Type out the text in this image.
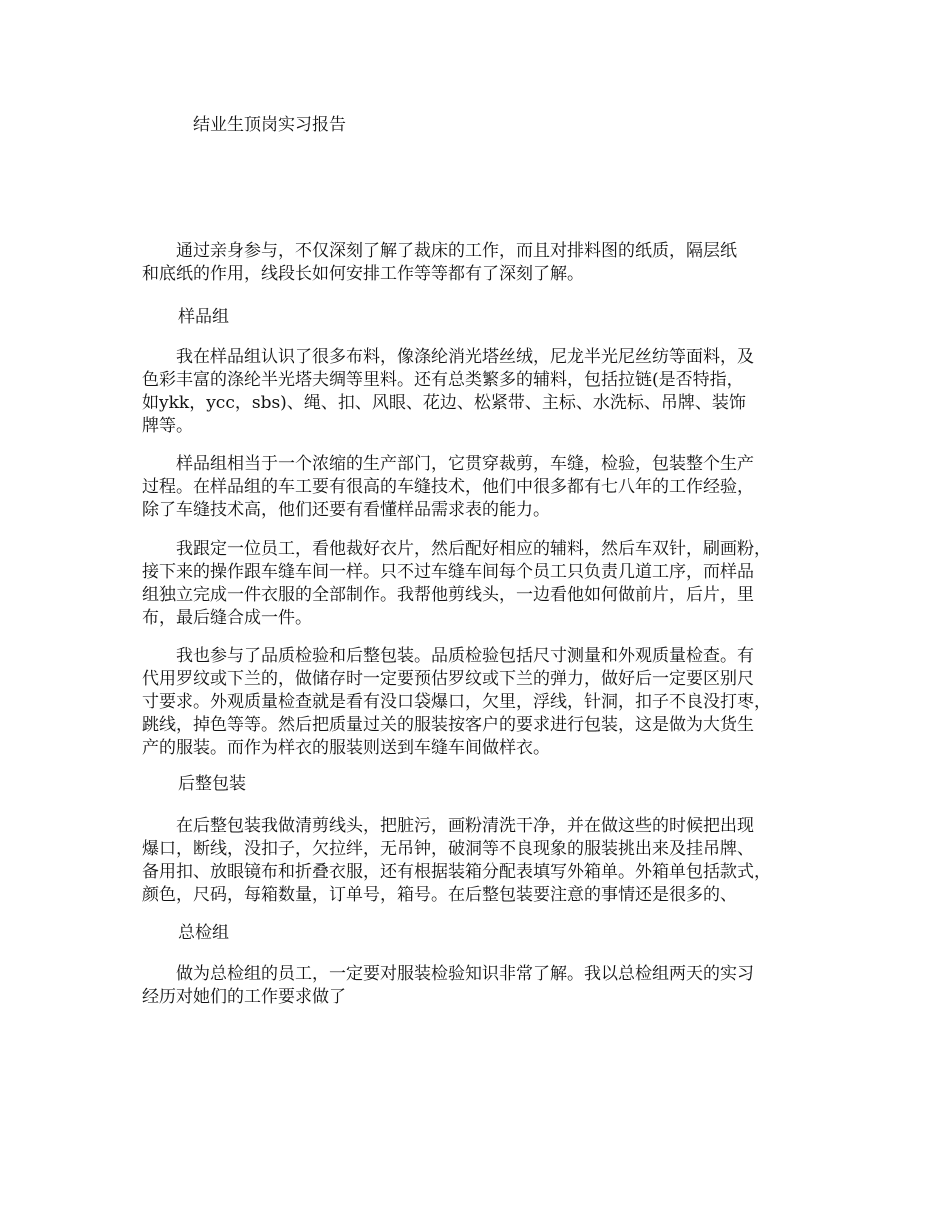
结业生顶岗实习报告
　　通过亲身参与，不仅深刻了解了裁床的工作，而且对排料图的纸质，隔层纸
和底纸的作用，线段长如何安排工作等等都有了深刻了解。
样品组
　　我在样品组认识了很多布料，像涤纶消光塔丝绒，尼龙半光尼丝纺等面料，及
色彩丰富的涤纶半光塔夫绸等里料。还有总类繁多的辅料，包括拉链(是否特指，
如ykk，ycc，sbs)、绳、扣、风眼、花边、松紧带、主标、水洗标、吊牌、装饰
牌等。
　　样品组相当于一个浓缩的生产部门，它贯穿裁剪，车缝，检验，包装整个生产
过程。在样品组的车工要有很高的车缝技术，他们中很多都有七八年的工作经验，
除了车缝技术高，他们还要有看懂样品需求表的能力。
　　我跟定一位员工，看他裁好衣片，然后配好相应的辅料，然后车双针，刷画粉，
接下来的操作跟车缝车间一样。只不过车缝车间每个员工只负责几道工序，而样品
组独立完成一件衣服的全部制作。我帮他剪线头，一边看他如何做前片，后片，里
布，最后缝合成一件。
　　我也参与了品质检验和后整包装。品质检验包括尺寸测量和外观质量检查。有
代用罗纹或下兰的，做储存时一定要预估罗纹或下兰的弹力，做好后一定要区别尺
寸要求。外观质量检查就是看有没口袋爆口，欠里，浮线，针洞，扣子不良没打枣，
跳线，掉色等等。然后把质量过关的服装按客户的要求进行包装，这是做为大货生
产的服装。而作为样衣的服装则送到车缝车间做样衣。
后整包装
　　在后整包装我做清剪线头，把脏污，画粉清洗干净，并在做这些的时候把出现
爆口，断线，没扣子，欠拉绊，无吊钟，破洞等不良现象的服装挑出来及挂吊牌、
备用扣、放眼镜布和折叠衣服，还有根据装箱分配表填写外箱单。外箱单包括款式，
颜色，尺码，每箱数量，订单号，箱号。在后整包装要注意的事情还是很多的、
总检组
　　做为总检组的员工，一定要对服装检验知识非常了解。我以总检组两天的实习
经历对她们的工作要求做了
